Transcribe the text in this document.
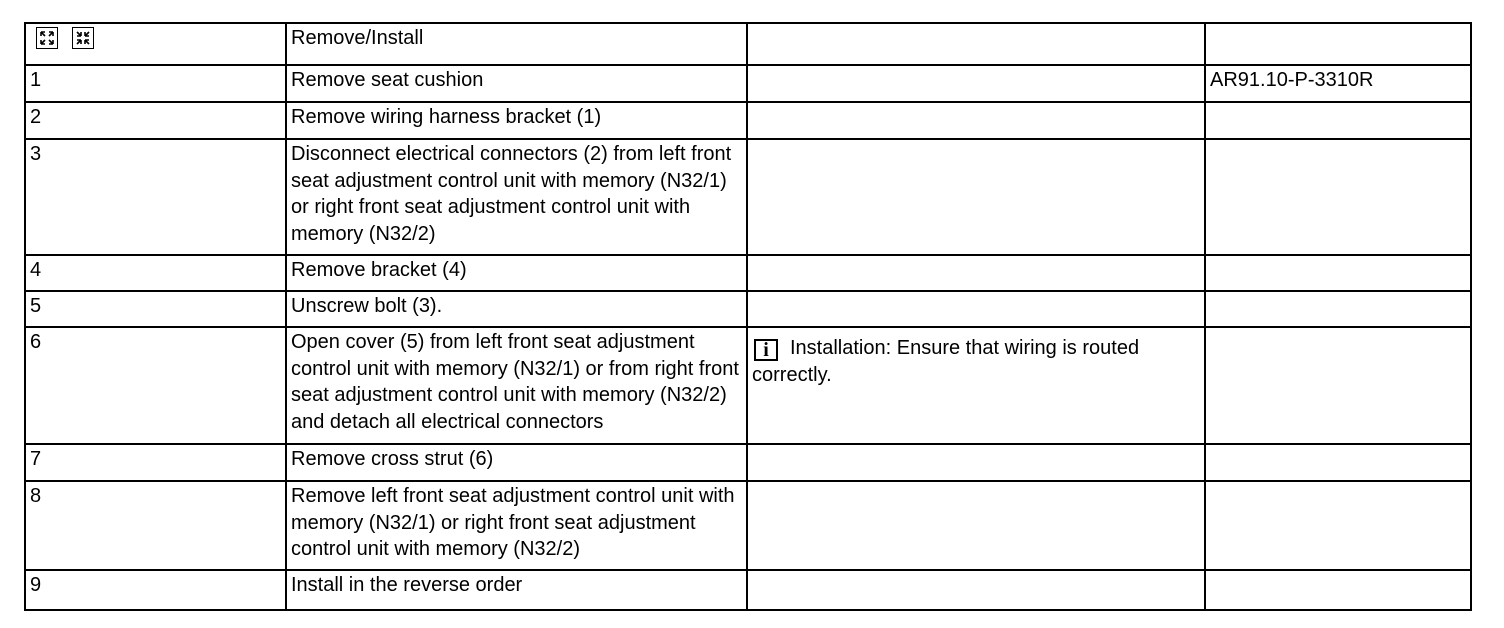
	Remove/Install		
1	Remove seat cushion		AR91.10-P-3310R
2	Remove wiring harness bracket (1)		
3	Disconnect electrical connectors (2) from left front seat adjustment control unit with memory (N32/1) or right front seat adjustment control unit with memory (N32/2)		
4	Remove bracket (4)		
5	Unscrew bolt (3).		
6	Open cover (5) from left front seat adjustment control unit with memory (N32/1) or from right front seat adjustment control unit with memory (N32/2) and detach all electrical connectors	i Installation: Ensure that wiring is routed correctly.	

7	Remove cross strut (6)		
8	Remove left front seat adjustment control unit with memory (N32/1) or right front seat adjustment control unit with memory (N32/2)		
9	Install in the reverse order		
